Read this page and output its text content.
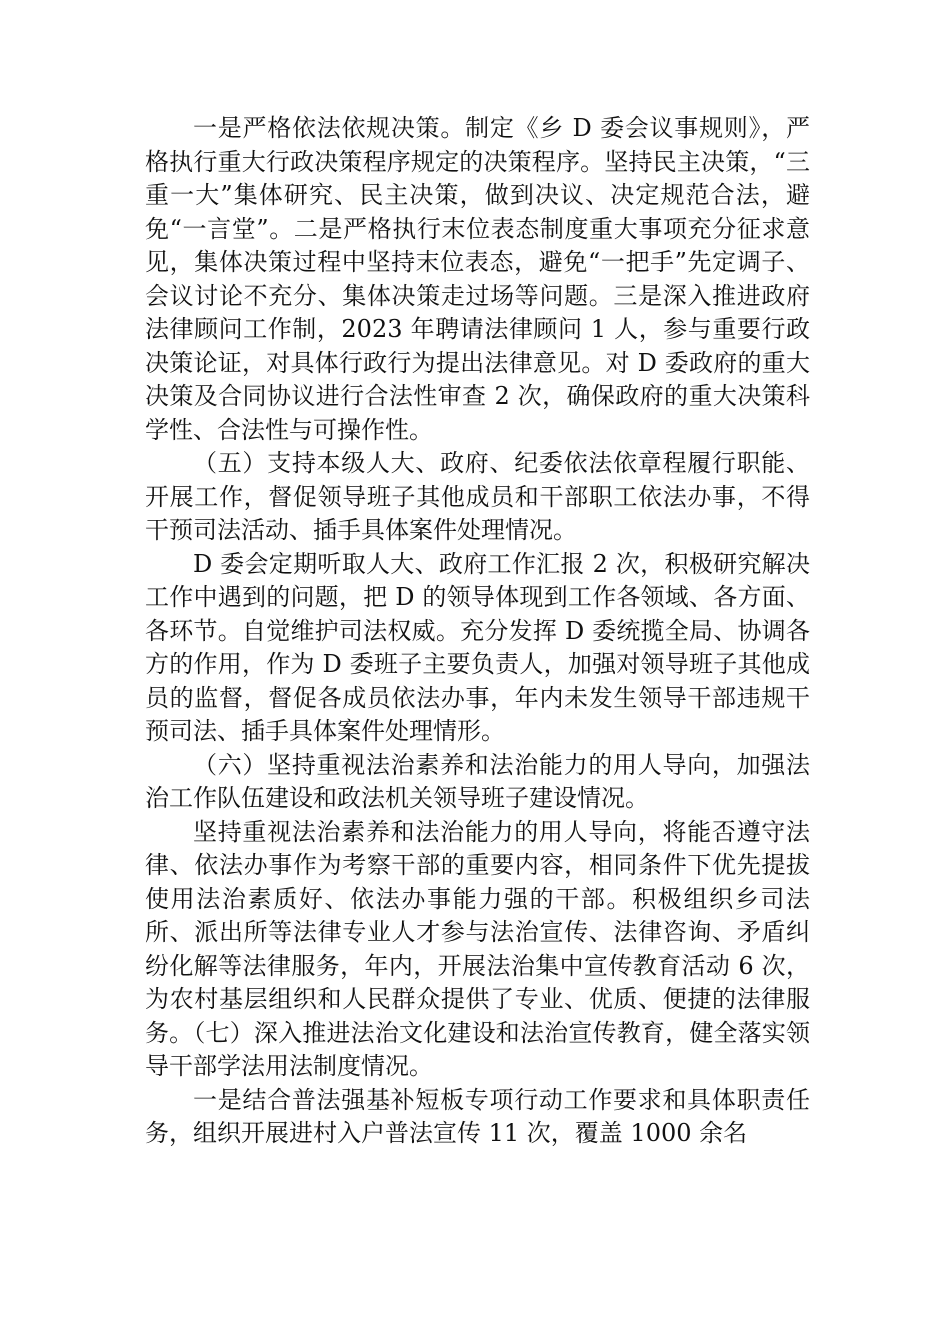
一是严格依法依规决策。制定《乡 D 委会议事规则》，严格执行重大行政决策程序规定的决策程序。坚持民主决策，“三重一大”集体研究、民主决策，做到决议、决定规范合法，避免“一言堂”。二是严格执行末位表态制度重大事项充分征求意见，集体决策过程中坚持末位表态，避免“一把手”先定调子、会议讨论不充分、集体决策走过场等问题。三是深入推进政府法律顾问工作制，2023 年聘请法律顾问 1 人，参与重要行政决策论证，对具体行政行为提出法律意见。对 D 委政府的重大决策及合同协议进行合法性审查 2 次，确保政府的重大决策科学性、合法性与可操作性。

（五）支持本级人大、政府、纪委依法依章程履行职能、开展工作，督促领导班子其他成员和干部职工依法办事，不得干预司法活动、插手具体案件处理情况。

D 委会定期听取人大、政府工作汇报 2 次，积极研究解决工作中遇到的问题，把 D 的领导体现到工作各领域、各方面、各环节。自觉维护司法权威。充分发挥 D 委统揽全局、协调各方的作用，作为 D 委班子主要负责人，加强对领导班子其他成员的监督，督促各成员依法办事，年内未发生领导干部违规干预司法、插手具体案件处理情形。

（六）坚持重视法治素养和法治能力的用人导向，加强法治工作队伍建设和政法机关领导班子建设情况。

坚持重视法治素养和法治能力的用人导向，将能否遵守法律、依法办事作为考察干部的重要内容，相同条件下优先提拔使用法治素质好、依法办事能力强的干部。积极组织乡司法所、派出所等法律专业人才参与法治宣传、法律咨询、矛盾纠纷化解等法律服务，年内，开展法治集中宣传教育活动 6 次，为农村基层组织和人民群众提供了专业、优质、便捷的法律服务。（七）深入推进法治文化建设和法治宣传教育，健全落实领导干部学法用法制度情况。

一是结合普法强基补短板专项行动工作要求和具体职责任务，组织开展进村入户普法宣传 11 次，覆盖 1000 余名
